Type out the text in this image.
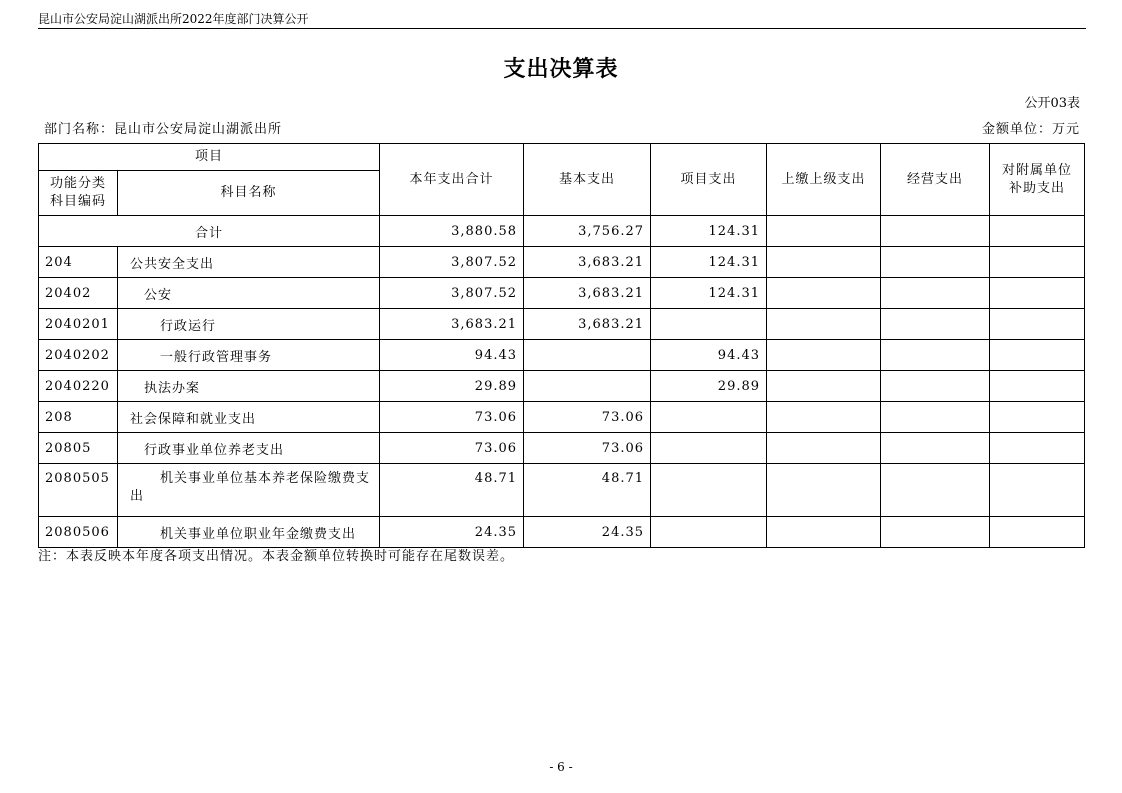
昆山市公安局淀山湖派出所2022年度部门决算公开
支出决算表
公开03表
部门名称：昆山市公安局淀山湖派出所	金额单位：万元
项目		本年支出合计	基本支出	项目支出	上缴上级支出	经营支出	对附属单位补助支出
功能分类科目编码	科目名称						
合计		3,880.58	3,756.27	124.31			
204	公共安全支出	3,807.52	3,683.21	124.31			
20402	公安	3,807.52	3,683.21	124.31			
2040201	行政运行	3,683.21	3,683.21				
2040202	一般行政管理事务	94.43		94.43			
2040220	执法办案	29.89		29.89			
208	社会保障和就业支出	73.06	73.06				
20805	行政事业单位养老支出	73.06	73.06				
2080505	机关事业单位基本养老保险缴费支出	48.71	48.71				
2080506	机关事业单位职业年金缴费支出	24.35	24.35				
注：本表反映本年度各项支出情况。本表金额单位转换时可能存在尾数误差。
- 6 -
